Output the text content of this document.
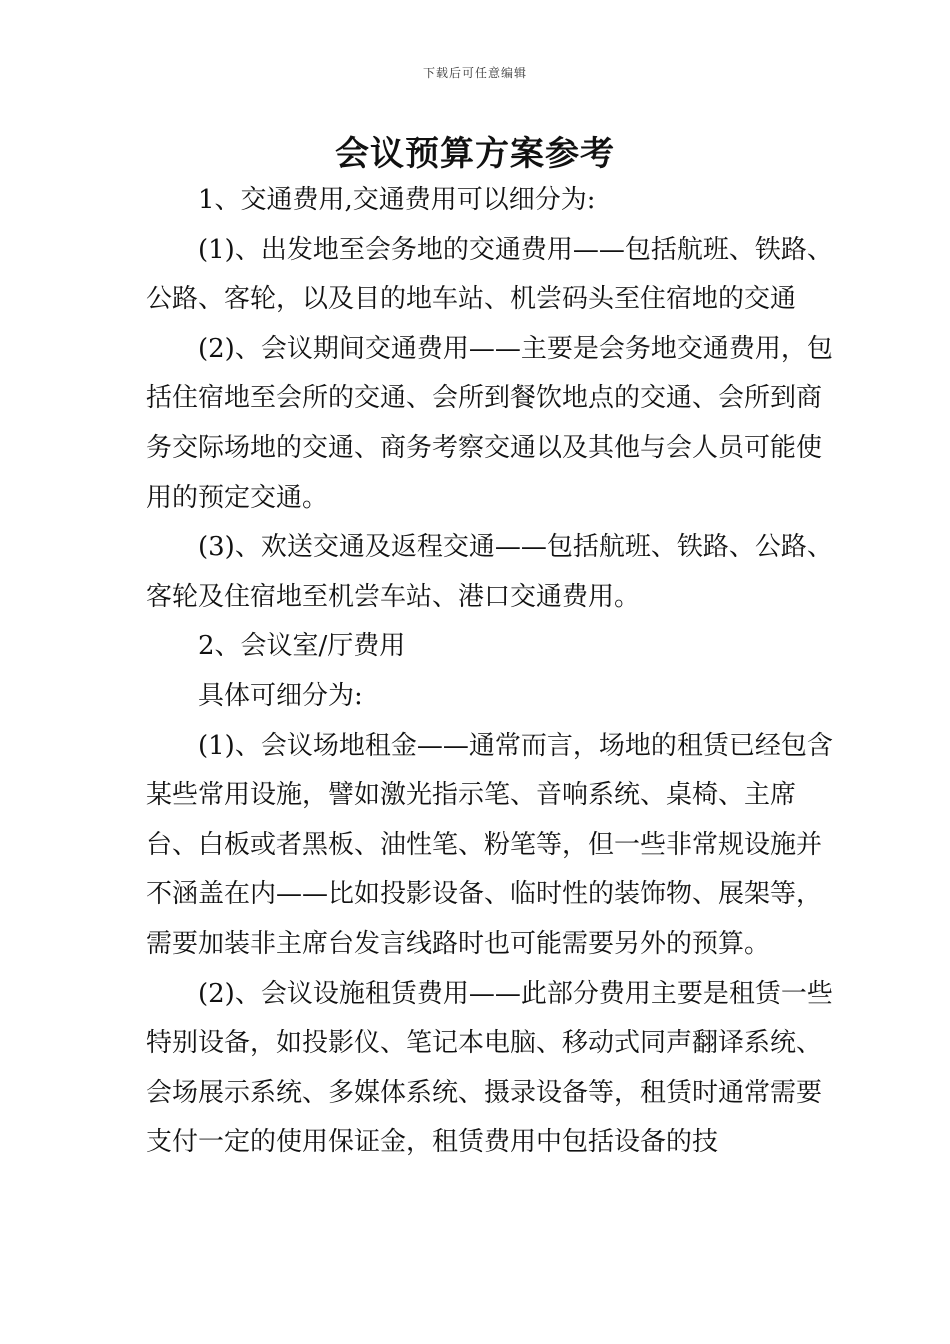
下载后可任意编辑
会议预算方案参考

1、交通费用,交通费用可以细分为:

(1)、出发地至会务地的交通费用——包括航班、铁路、公路、客轮，以及目的地车站、机尝码头至住宿地的交通

(2)、会议期间交通费用——主要是会务地交通费用，包括住宿地至会所的交通、会所到餐饮地点的交通、会所到商务交际场地的交通、商务考察交通以及其他与会人员可能使用的预定交通。

(3)、欢送交通及返程交通——包括航班、铁路、公路、客轮及住宿地至机尝车站、港口交通费用。

2、会议室/厅费用

具体可细分为:

(1)、会议场地租金——通常而言，场地的租赁已经包含某些常用设施，譬如激光指示笔、音响系统、桌椅、主席台、白板或者黑板、油性笔、粉笔等，但一些非常规设施并不涵盖在内——比如投影设备、临时性的装饰物、展架等，需要加装非主席台发言线路时也可能需要另外的预算。

(2)、会议设施租赁费用——此部分费用主要是租赁一些特别设备，如投影仪、笔记本电脑、移动式同声翻译系统、会场展示系统、多媒体系统、摄录设备等，租赁时通常需要支付一定的使用保证金，租赁费用中包括设备的技
